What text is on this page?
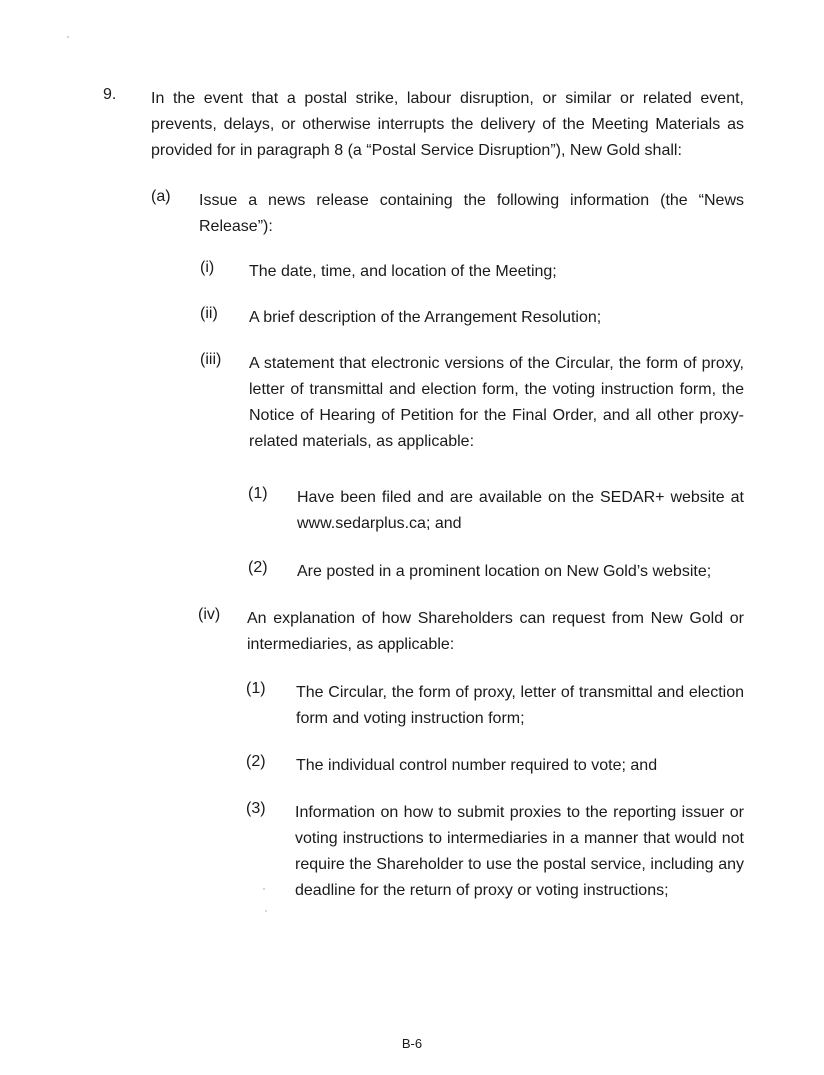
9. In the event that a postal strike, labour disruption, or similar or related event, prevents, delays, or otherwise interrupts the delivery of the Meeting Materials as provided for in paragraph 8 (a “Postal Service Disruption”), New Gold shall:

(a) Issue a news release containing the following information (the “News Release”):

(i) The date, time, and location of the Meeting;

(ii) A brief description of the Arrangement Resolution;

(iii) A statement that electronic versions of the Circular, the form of proxy, letter of transmittal and election form, the voting instruction form, the Notice of Hearing of Petition for the Final Order, and all other proxy-related materials, as applicable:

(1) Have been filed and are available on the SEDAR+ website at www.sedarplus.ca; and

(2) Are posted in a prominent location on New Gold’s website;

(iv) An explanation of how Shareholders can request from New Gold or intermediaries, as applicable:

(1) The Circular, the form of proxy, letter of transmittal and election form and voting instruction form;

(2) The individual control number required to vote; and

(3) Information on how to submit proxies to the reporting issuer or voting instructions to intermediaries in a manner that would not require the Shareholder to use the postal service, including any deadline for the return of proxy or voting instructions;

B-6
